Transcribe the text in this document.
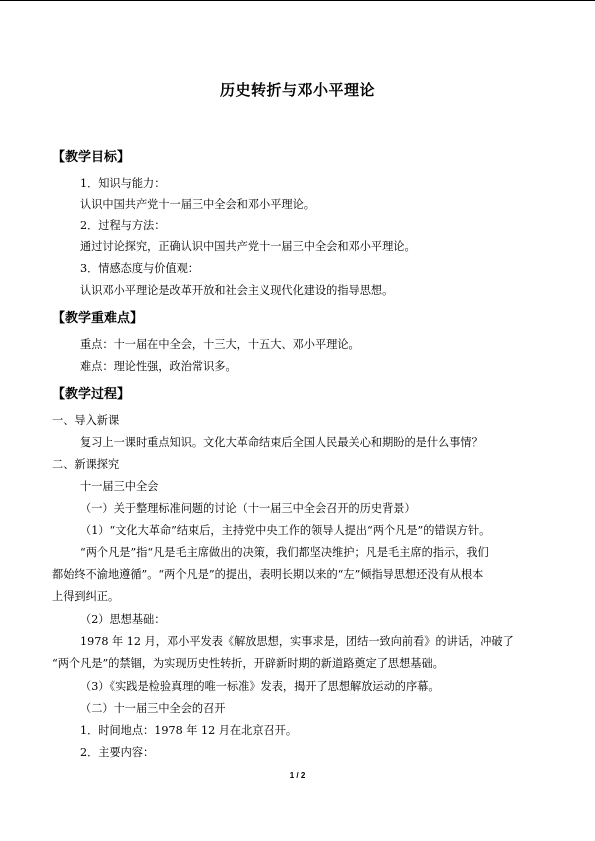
历史转折与邓小平理论
【教学目标】
1．知识与能力：
认识中国共产党十一届三中全会和邓小平理论。
2．过程与方法：
通过讨论探究，正确认识中国共产党十一届三中全会和邓小平理论。
3．情感态度与价值观：
认识邓小平理论是改革开放和社会主义现代化建设的指导思想。
【教学重难点】
重点：十一届在中全会，十三大，十五大、邓小平理论。
难点：理论性强，政治常识多。
【教学过程】
一、导入新课
复习上一课时重点知识。文化大革命结束后全国人民最关心和期盼的是什么事情？
二、新课探究
十一届三中全会
（一）关于整理标准问题的讨论（十一届三中全会召开的历史背景）
（1）“文化大革命”结束后，主持党中央工作的领导人提出“两个凡是”的错误方针。
“两个凡是”指“凡是毛主席做出的决策，我们都坚决维护；凡是毛主席的指示，我们
都始终不渝地遵循”。“两个凡是”的提出，表明长期以来的“左”倾指导思想还没有从根本
上得到纠正。
（2）思想基础：
1978 年 12 月，邓小平发表《解放思想，实事求是，团结一致向前看》的讲话，冲破了
“两个凡是”的禁锢，为实现历史性转折，开辟新时期的新道路奠定了思想基础。
（3）《实践是检验真理的唯一标准》发表，揭开了思想解放运动的序幕。
（二）十一届三中全会的召开
1．时间地点：1978 年 12 月在北京召开。
2．主要内容：
1 / 2
